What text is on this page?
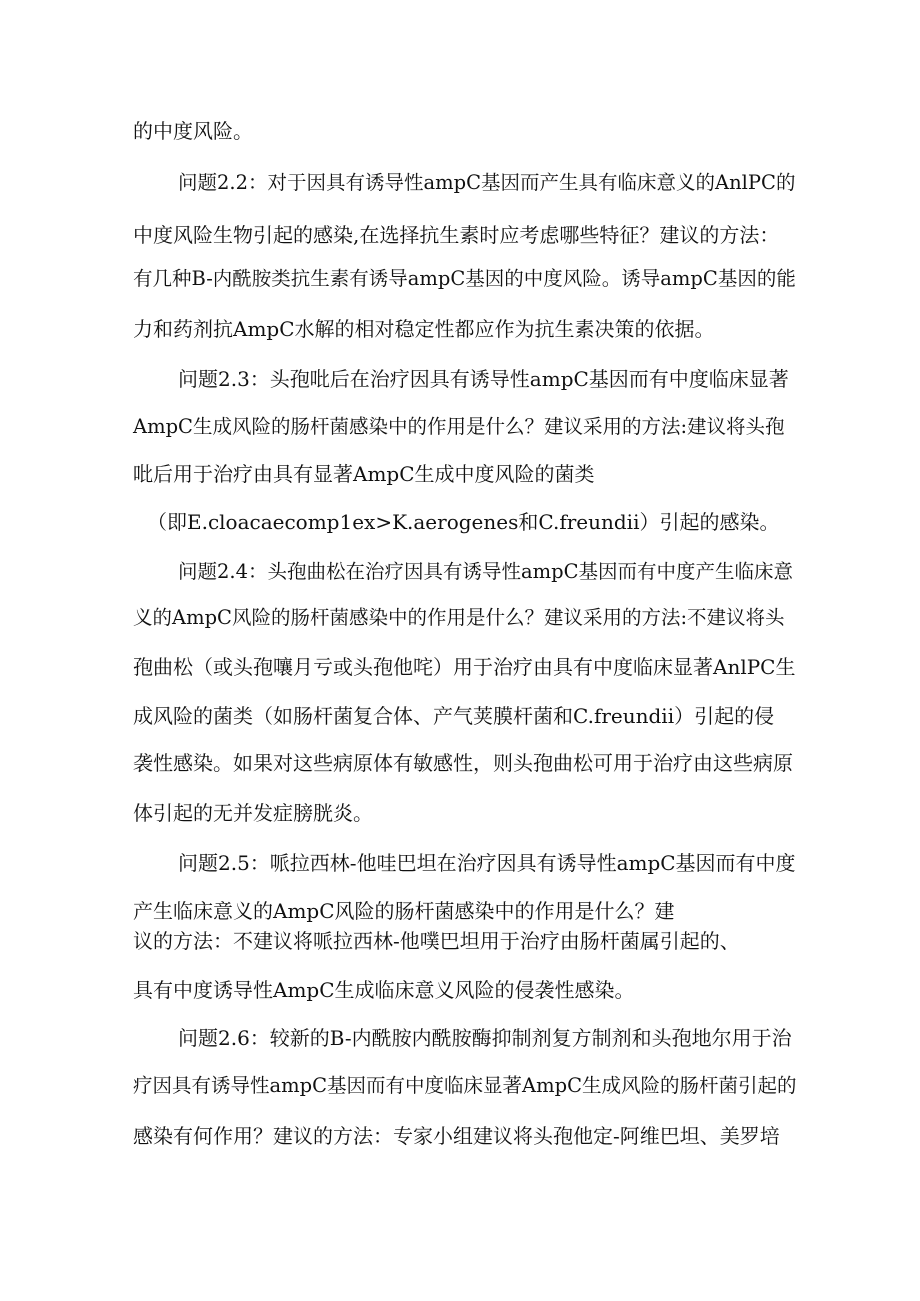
的中度风险。
问题2.2：对于因具有诱导性ampC基因而产生具有临床意义的AnlPC的
中度风险生物引起的感染,在选择抗生素时应考虑哪些特征？建议的方法：
有几种B-内酰胺类抗生素有诱导ampC基因的中度风险。诱导ampC基因的能
力和药剂抗AmpC水解的相对稳定性都应作为抗生素决策的依据。
问题2.3：头孢吡后在治疗因具有诱导性ampC基因而有中度临床显著
AmpC生成风险的肠杆菌感染中的作用是什么？建议采用的方法:建议将头孢
吡后用于治疗由具有显著AmpC生成中度风险的菌类
（即E.cloacaecomp1ex>K.aerogenes和C.freundii）引起的感染。
问题2.4：头孢曲松在治疗因具有诱导性ampC基因而有中度产生临床意
义的AmpC风险的肠杆菌感染中的作用是什么？建议采用的方法:不建议将头
孢曲松（或头孢嚷月亏或头孢他咤）用于治疗由具有中度临床显著AnlPC生
成风险的菌类（如肠杆菌复合体、产气荚膜杆菌和C.freundii）引起的侵
袭性感染。如果对这些病原体有敏感性，则头孢曲松可用于治疗由这些病原
体引起的无并发症膀胱炎。
问题2.5：哌拉西林-他哇巴坦在治疗因具有诱导性ampC基因而有中度
产生临床意义的AmpC风险的肠杆菌感染中的作用是什么？建
议的方法：不建议将哌拉西林-他噗巴坦用于治疗由肠杆菌属引起的、
具有中度诱导性AmpC生成临床意义风险的侵袭性感染。
问题2.6：较新的B-内酰胺内酰胺酶抑制剂复方制剂和头孢地尔用于治
疗因具有诱导性ampC基因而有中度临床显著AmpC生成风险的肠杆菌引起的
感染有何作用？建议的方法：专家小组建议将头孢他定-阿维巴坦、美罗培
